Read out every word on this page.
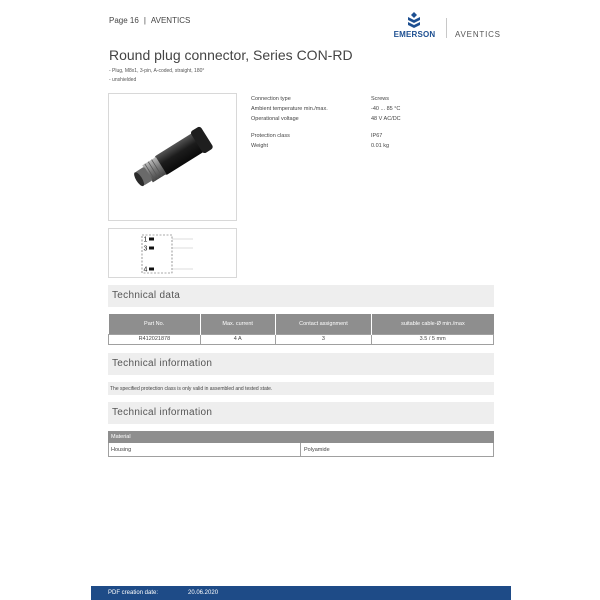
Page 16 | AVENTICS
EMERSON AVENTICS
Round plug connector, Series CON-RD
- Plug, M8x1, 3-pin, A-coded, straight, 180°
- unshielded
1
3
4
Connection type	Screws
Ambient temperature min./max.	-40 ... 85 °C
Operational voltage	48 V AC/DC
Protection class	IP67
Weight	0.01 kg
Technical data
Part No.	Max. current	Contact assignment	suitable cable-Ø min./max
R412021878	4 A	3	3.5 / 5 mm
Technical information
The specified protection class is only valid in assembled and tested state.
Technical information
Material
Housing	Polyamide
PDF creation date:	20.06.2020
